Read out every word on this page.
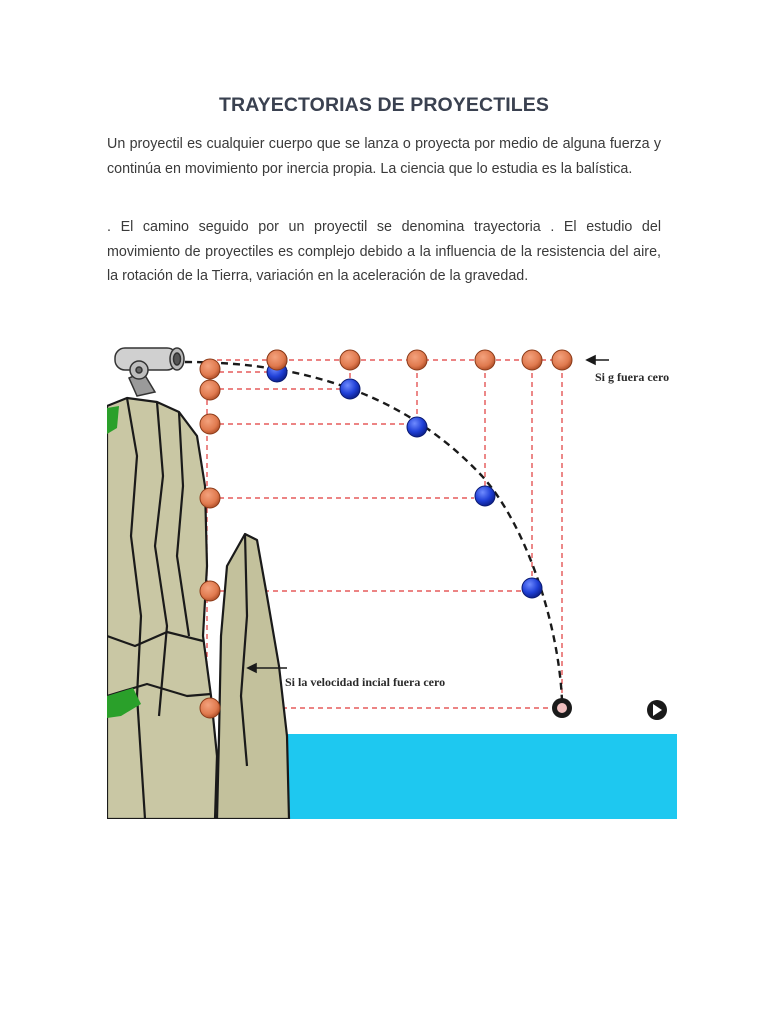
TRAYECTORIAS DE PROYECTILES

Un proyectil es cualquier cuerpo que se lanza o proyecta por medio de alguna fuerza y continúa en movimiento por inercia propia. La ciencia que lo estudia es la balística.

. El camino seguido por un proyectil se denomina trayectoria . El estudio del movimiento de proyectiles es complejo debido a la influencia de la resistencia del aire, la rotación de la Tierra, variación en la aceleración de la gravedad.

Si g fuera cero
Si la velocidad incial fuera cero
